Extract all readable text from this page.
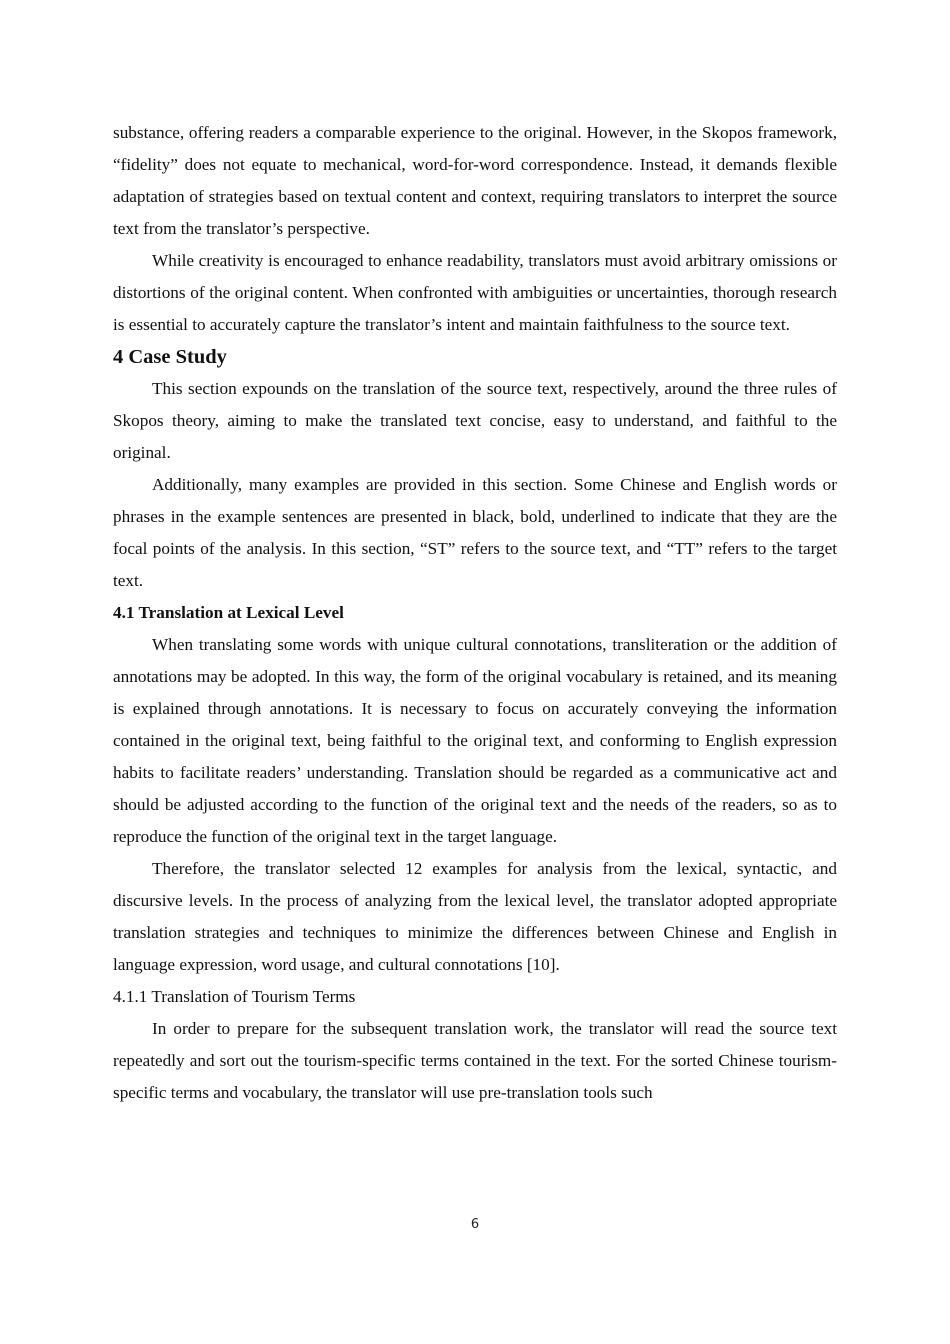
substance, offering readers a comparable experience to the original. However, in the Skopos framework, “fidelity” does not equate to mechanical, word-for-word correspondence. Instead, it demands flexible adaptation of strategies based on textual content and context, requiring translators to interpret the source text from the translator’s perspective.

While creativity is encouraged to enhance readability, translators must avoid arbitrary omissions or distortions of the original content. When confronted with ambiguities or uncertainties, thorough research is essential to accurately capture the translator’s intent and maintain faithfulness to the source text.

4 Case Study

This section expounds on the translation of the source text, respectively, around the three rules of Skopos theory, aiming to make the translated text concise, easy to understand, and faithful to the original.

Additionally, many examples are provided in this section. Some Chinese and English words or phrases in the example sentences are presented in black, bold, underlined to indicate that they are the focal points of the analysis. In this section, “ST” refers to the source text, and “TT” refers to the target text.

4.1 Translation at Lexical Level

When translating some words with unique cultural connotations, transliteration or the addition of annotations may be adopted. In this way, the form of the original vocabulary is retained, and its meaning is explained through annotations. It is necessary to focus on accurately conveying the information contained in the original text, being faithful to the original text, and conforming to English expression habits to facilitate readers’ understanding. Translation should be regarded as a communicative act and should be adjusted according to the function of the original text and the needs of the readers, so as to reproduce the function of the original text in the target language.

Therefore, the translator selected 12 examples for analysis from the lexical, syntactic, and discursive levels. In the process of analyzing from the lexical level, the translator adopted appropriate translation strategies and techniques to minimize the differences between Chinese and English in language expression, word usage, and cultural connotations [10].

4.1.1 Translation of Tourism Terms

In order to prepare for the subsequent translation work, the translator will read the source text repeatedly and sort out the tourism-specific terms contained in the text. For the sorted Chinese tourism-specific terms and vocabulary, the translator will use pre-translation tools such

6
